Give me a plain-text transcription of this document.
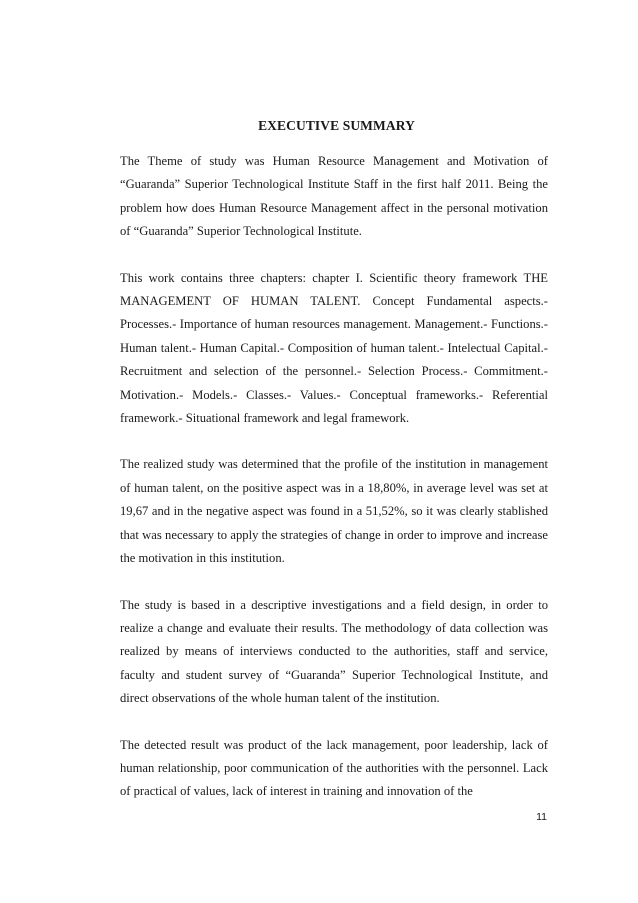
EXECUTIVE SUMMARY

The Theme of study was Human Resource Management and Motivation of “Guaranda” Superior Technological Institute Staff in the first half 2011. Being the problem how does Human Resource Management affect in the personal motivation of “Guaranda” Superior Technological Institute.

This work contains three chapters: chapter I. Scientific theory framework THE MANAGEMENT OF HUMAN TALENT. Concept Fundamental aspects.- Processes.- Importance of human resources management. Management.- Functions.- Human talent.- Human Capital.- Composition of human talent.- Intelectual Capital.- Recruitment and selection of the personnel.- Selection Process.- Commitment.- Motivation.- Models.- Classes.- Values.- Conceptual frameworks.- Referential framework.- Situational framework and legal framework.

The realized study was determined that the profile of the institution in management of human talent, on the positive aspect was in a 18,80%, in average level was set at 19,67 and in the negative aspect was found in a 51,52%, so it was clearly stablished that was necessary to apply the strategies of change in order to improve and increase the motivation in this institution.

The study is based in a descriptive investigations and a field design, in order to realize a change and evaluate their results. The methodology of data collection was realized by means of interviews conducted to the authorities, staff and service, faculty and student survey of “Guaranda” Superior Technological Institute, and direct observations of the whole human talent of the institution.

The detected result was product of the lack management, poor leadership, lack of human relationship, poor communication of the authorities with the personnel. Lack of practical of values, lack of interest in training and innovation of the

11
